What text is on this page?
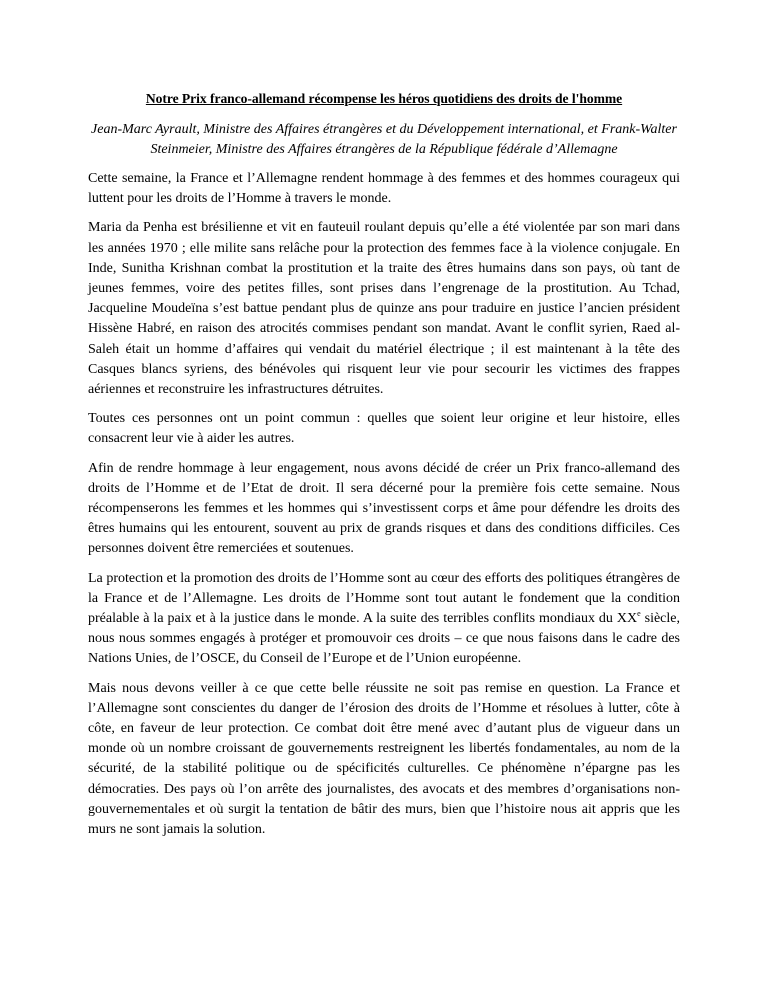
Notre Prix franco-allemand récompense les héros quotidiens des droits de l'homme

Jean-Marc Ayrault, Ministre des Affaires étrangères et du Développement international, et Frank-Walter Steinmeier, Ministre des Affaires étrangères de la République fédérale d’Allemagne

Cette semaine, la France et l’Allemagne rendent hommage à des femmes et des hommes courageux qui luttent pour les droits de l’Homme à travers le monde.

Maria da Penha est brésilienne et vit en fauteuil roulant depuis qu’elle a été violentée par son mari dans les années 1970 ; elle milite sans relâche pour la protection des femmes face à la violence conjugale. En Inde, Sunitha Krishnan combat la prostitution et la traite des êtres humains dans son pays, où tant de jeunes femmes, voire des petites filles, sont prises dans l’engrenage de la prostitution. Au Tchad, Jacqueline Moudeïna s’est battue pendant plus de quinze ans pour traduire en justice l’ancien président Hissène Habré, en raison des atrocités commises pendant son mandat. Avant le conflit syrien, Raed al-Saleh était un homme d’affaires qui vendait du matériel électrique ; il est maintenant à la tête des Casques blancs syriens, des bénévoles qui risquent leur vie pour secourir les victimes des frappes aériennes et reconstruire les infrastructures détruites.

Toutes ces personnes ont un point commun : quelles que soient leur origine et leur histoire, elles consacrent leur vie à aider les autres.

Afin de rendre hommage à leur engagement, nous avons décidé de créer un Prix franco-allemand des droits de l’Homme et de l’Etat de droit. Il sera décerné pour la première fois cette semaine. Nous récompenserons les femmes et les hommes qui s’investissent corps et âme pour défendre les droits des êtres humains qui les entourent, souvent au prix de grands risques et dans des conditions difficiles. Ces personnes doivent être remerciées et soutenues.

La protection et la promotion des droits de l’Homme sont au cœur des efforts des politiques étrangères de la France et de l’Allemagne. Les droits de l’Homme sont tout autant le fondement que la condition préalable à la paix et à la justice dans le monde. A la suite des terribles conflits mondiaux du XXe siècle, nous nous sommes engagés à protéger et promouvoir ces droits – ce que nous faisons dans le cadre des Nations Unies, de l’OSCE, du Conseil de l’Europe et de l’Union européenne.

Mais nous devons veiller à ce que cette belle réussite ne soit pas remise en question. La France et l’Allemagne sont conscientes du danger de l’érosion des droits de l’Homme et résolues à lutter, côte à côte, en faveur de leur protection. Ce combat doit être mené avec d’autant plus de vigueur dans un monde où un nombre croissant de gouvernements restreignent les libertés fondamentales, au nom de la sécurité, de la stabilité politique ou de spécificités culturelles. Ce phénomène n’épargne pas les démocraties. Des pays où l’on arrête des journalistes, des avocats et des membres d’organisations non-gouvernementales et où surgit la tentation de bâtir des murs, bien que l’histoire nous ait appris que les murs ne sont jamais la solution.
